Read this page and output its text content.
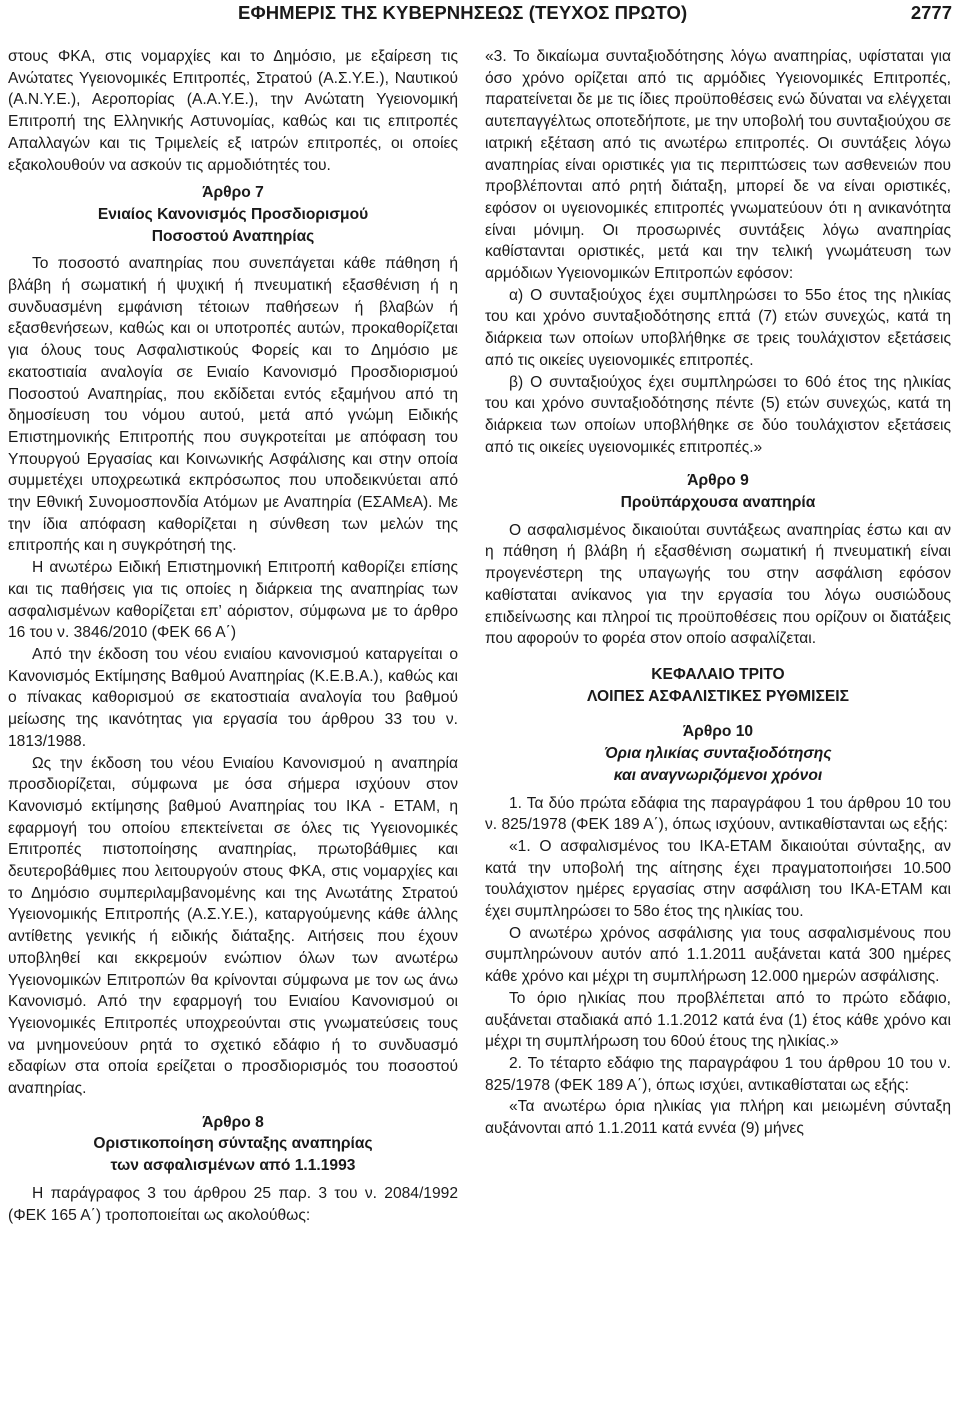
ΕΦΗΜΕΡΙΣ ΤΗΣ ΚΥΒΕΡΝΗΣΕΩΣ (ΤΕΥΧΟΣ ΠΡΩΤΟ)	2777

στους ΦΚΑ, στις νομαρχίες και το Δημόσιο, με εξαίρεση τις Ανώτατες Υγειονομικές Επιτροπές, Στρατού (Α.Σ.Υ.Ε.), Ναυτικού (Α.Ν.Υ.Ε.), Αεροπορίας (Α.Α.Υ.Ε.), την Ανώτατη Υγειονομική Επιτροπή της Ελληνικής Αστυνομίας, καθώς και τις επιτροπές Απαλλαγών και τις Τριμελείς εξ ιατρών επιτροπές, οι οποίες εξακολουθούν να ασκούν τις αρμοδιότητές του.

Άρθρο 7
Ενιαίος Κανονισμός Προσδιορισμού
Ποσοστού Αναπηρίας

Το ποσοστό αναπηρίας που συνεπάγεται κάθε πάθηση ή βλάβη ή σωματική ή ψυχική ή πνευματική εξασθένιση ή η συνδυασμένη εμφάνιση τέτοιων παθήσεων ή βλαβών ή εξασθενήσεων, καθώς και οι υποτροπές αυτών, προκαθορίζεται για όλους τους Ασφαλιστικούς Φορείς και το Δημόσιο με εκατοστιαία αναλογία σε Ενιαίο Κανονισμό Προσδιορισμού Ποσοστού Αναπηρίας, που εκδίδεται εντός εξαμήνου από τη δημοσίευση του νόμου αυτού, μετά από γνώμη Ειδικής Επιστημονικής Επιτροπής που συγκροτείται με απόφαση του Υπουργού Εργασίας και Κοινωνικής Ασφάλισης και στην οποία συμμετέχει υποχρεωτικά εκπρόσωπος που υποδεικνύεται από την Εθνική Συνομοσπονδία Ατόμων με Αναπηρία (ΕΣΑΜεΑ). Με την ίδια απόφαση καθορίζεται η σύνθεση των μελών της επιτροπής και η συγκρότησή της.

Η ανωτέρω Ειδική Επιστημονική Επιτροπή καθορίζει επίσης και τις παθήσεις για τις οποίες η διάρκεια της αναπηρίας των ασφαλισμένων καθορίζεται επ’ αόριστον, σύμφωνα με το άρθρο 16 του ν. 3846/2010 (ΦΕΚ 66 Α΄)

Από την έκδοση του νέου ενιαίου κανονισμού καταργείται ο Κανονισμός Εκτίμησης Βαθμού Αναπηρίας (Κ.Ε.Β.Α.), καθώς και ο πίνακας καθορισμού σε εκατοστιαία αναλογία του βαθμού μείωσης της ικανότητας για εργασία του άρθρου 33 του ν. 1813/1988.

Ως την έκδοση του νέου Ενιαίου Κανονισμού η αναπηρία προσδιορίζεται, σύμφωνα με όσα σήμερα ισχύουν στον Κανονισμό εκτίμησης βαθμού Αναπηρίας του ΙΚΑ - ΕΤΑΜ, η εφαρμογή του οποίου επεκτείνεται σε όλες τις Υγειονομικές Επιτροπές πιστοποίησης αναπηρίας, πρωτοβάθμιες και δευτεροβάθμιες που λειτουργούν στους ΦΚΑ, στις νομαρχίες και το Δημόσιο συμπεριλαμβανομένης και της Ανωτάτης Στρατού Υγειονομικής Επιτροπής (Α.Σ.Υ.Ε.), καταργούμενης κάθε άλλης αντίθετης γενικής ή ειδικής διάταξης. Αιτήσεις που έχουν υποβληθεί και εκκρεμούν ενώπιον όλων των ανωτέρω Υγειονομικών Επιτροπών θα κρίνονται σύμφωνα με τον ως άνω Κανονισμό. Από την εφαρμογή του Ενιαίου Κανονισμού οι Υγειονομικές Επιτροπές υποχρεούνται στις γνωματεύσεις τους να μνημονεύουν ρητά το σχετικό εδάφιο ή το συνδυασμό εδαφίων στα οποία ερείζεται ο προσδιορισμός του ποσοστού αναπηρίας.

Άρθρο 8
Οριστικοποίηση σύνταξης αναπηρίας
των ασφαλισμένων από 1.1.1993

Η παράγραφος 3 του άρθρου 25 παρ. 3 του ν. 2084/1992 (ΦΕΚ 165 Α΄) τροποποιείται ως ακολούθως:

«3. Το δικαίωμα συνταξιοδότησης λόγω αναπηρίας, υφίσταται για όσο χρόνο ορίζεται από τις αρμόδιες Υγειονομικές Επιτροπές, παρατείνεται δε με τις ίδιες προϋποθέσεις ενώ δύναται να ελέγχεται αυτεπαγγέλτως οποτεδήποτε, με την υποβολή του συνταξιούχου σε ιατρική εξέταση από τις ανωτέρω επιτροπές. Οι συντάξεις λόγω αναπηρίας είναι οριστικές για τις περιπτώσεις των ασθενειών που προβλέπονται από ρητή διάταξη, μπορεί δε να είναι οριστικές, εφόσον οι υγειονομικές επιτροπές γνωματεύουν ότι η ανικανότητα είναι μόνιμη. Οι προσωρινές συντάξεις λόγω αναπηρίας καθίστανται οριστικές, μετά και την τελική γνωμάτευση των αρμόδιων Υγειονομικών Επιτροπών εφόσον:

α) Ο συνταξιούχος έχει συμπληρώσει το 55ο έτος της ηλικίας του και χρόνο συνταξιοδότησης επτά (7) ετών συνεχώς, κατά τη διάρκεια των οποίων υποβλήθηκε σε τρεις τουλάχιστον εξετάσεις από τις οικείες υγειονομικές επιτροπές.

β) Ο συνταξιούχος έχει συμπληρώσει το 60ό έτος της ηλικίας του και χρόνο συνταξιοδότησης πέντε (5) ετών συνεχώς, κατά τη διάρκεια των οποίων υποβλήθηκε σε δύο τουλάχιστον εξετάσεις από τις οικείες υγειονομικές επιτροπές.»

Άρθρο 9
Προϋπάρχουσα αναπηρία

Ο ασφαλισμένος δικαιούται συντάξεως αναπηρίας έστω και αν η πάθηση ή βλάβη ή εξασθένιση σωματική ή πνευματική είναι προγενέστερη της υπαγωγής του στην ασφάλιση εφόσον καθίσταται ανίκανος για την εργασία του λόγω ουσιώδους επιδείνωσης και πληροί τις προϋποθέσεις που ορίζουν οι διατάξεις που αφορούν το φορέα στον οποίο ασφαλίζεται.

ΚΕΦΑΛΑΙΟ ΤΡΙΤΟ
ΛΟΙΠΕΣ ΑΣΦΑΛΙΣΤΙΚΕΣ ΡΥΘΜΙΣΕΙΣ
Άρθρο 10
Όρια ηλικίας συνταξιοδότησης
και αναγνωριζόμενοι χρόνοι

1. Τα δύο πρώτα εδάφια της παραγράφου 1 του άρθρου 10 του ν. 825/1978 (ΦΕΚ 189 Α΄), όπως ισχύουν, αντικαθίστανται ως εξής:

«1. Ο ασφαλισμένος του ΙΚΑ-ΕΤΑΜ δικαιούται σύνταξης, αν κατά την υποβολή της αίτησης έχει πραγματοποιήσει 10.500 τουλάχιστον ημέρες εργασίας στην ασφάλιση του ΙΚΑ-ΕΤΑΜ και έχει συμπληρώσει το 58ο έτος της ηλικίας του.

Ο ανωτέρω χρόνος ασφάλισης για τους ασφαλισμένους που συμπληρώνουν αυτόν από 1.1.2011 αυξάνεται κατά 300 ημέρες κάθε χρόνο και μέχρι τη συμπλήρωση 12.000 ημερών ασφάλισης.

Το όριο ηλικίας που προβλέπεται από το πρώτο εδάφιο, αυξάνεται σταδιακά από 1.1.2012 κατά ένα (1) έτος κάθε χρόνο και μέχρι τη συμπλήρωση του 60ού έτους της ηλικίας.»

2. Το τέταρτο εδάφιο της παραγράφου 1 του άρθρου 10 του ν. 825/1978 (ΦΕΚ 189 Α΄), όπως ισχύει, αντικαθίσταται ως εξής:

«Τα ανωτέρω όρια ηλικίας για πλήρη και μειωμένη σύνταξη αυξάνονται από 1.1.2011 κατά εννέα (9) μήνες
